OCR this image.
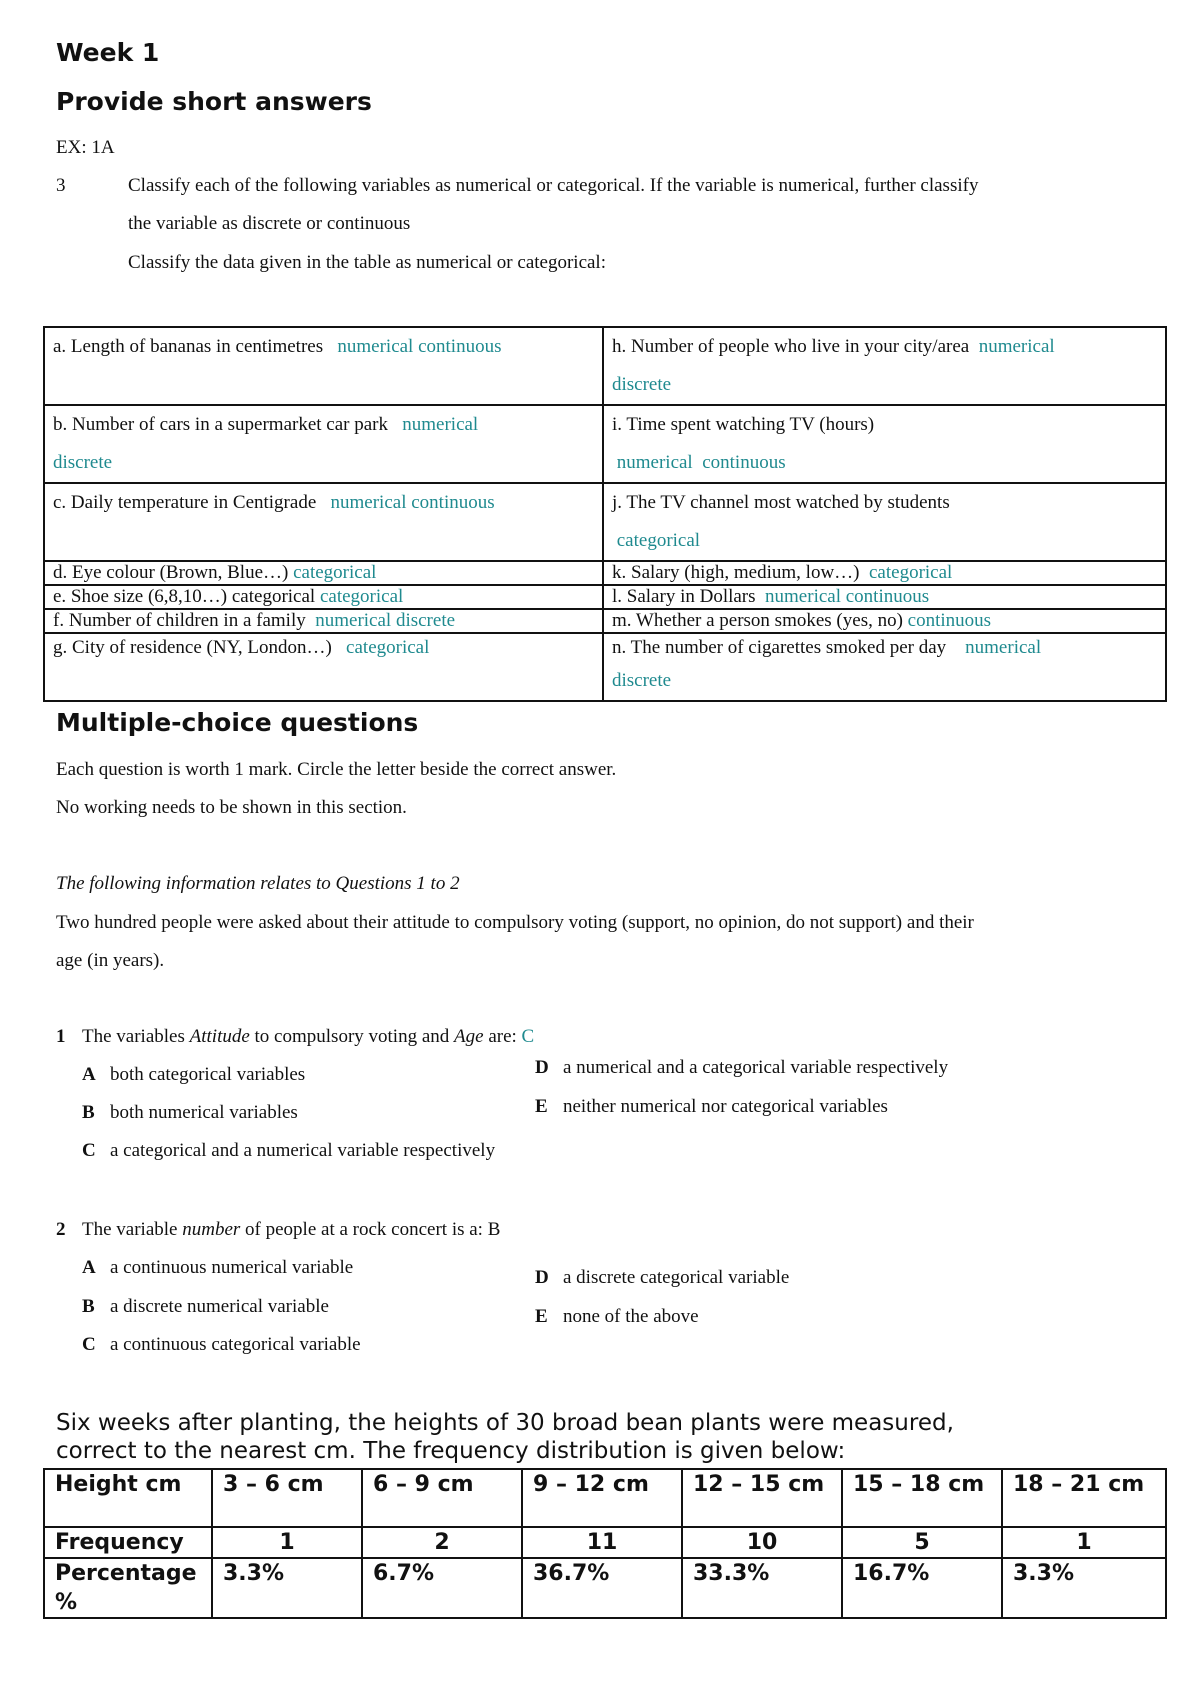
Week 1
Provide short answers
EX: 1A
3	Classify each of the following variables as numerical or categorical. If the variable is numerical, further classify
the variable as discrete or continuous
Classify the data given in the table as numerical or categorical:
a. Length of bananas in centimetres numerical continuous	h. Number of people who live in your city/area numerical
discrete
b. Number of cars in a supermarket car park numerical
discrete	i. Time spent watching TV (hours)
numerical  continuous
c. Daily temperature in Centigrade numerical continuous	j. The TV channel most watched by students
categorical
d. Eye colour (Brown, Blue…) categorical	k. Salary (high, medium, low…) categorical
e. Shoe size (6,8,10…) categorical categorical	l. Salary in Dollars numerical continuous
f. Number of children in a family numerical discrete	m. Whether a person smokes (yes, no) continuous
g. City of residence (NY, London…) categorical	n. The number of cigarettes smoked per day numerical
discrete
Multiple-choice questions
Each question is worth 1 mark. Circle the letter beside the correct answer.
No working needs to be shown in this section.
The following information relates to Questions 1 to 2
Two hundred people were asked about their attitude to compulsory voting (support, no opinion, do not support) and their
age (in years).
1 The variables Attitude to compulsory voting and Age are: C
A both categorical variables
B both numerical variables
C a categorical and a numerical variable respectively
D a numerical and a categorical variable respectively
E neither numerical nor categorical variables
2 The variable number of people at a rock concert is a: B
A a continuous numerical variable
B a discrete numerical variable
C a continuous categorical variable
D a discrete categorical variable
E none of the above
Six weeks after planting, the heights of 30 broad bean plants were measured,
correct to the nearest cm. The frequency distribution is given below:
Height cm	3 – 6 cm	6 – 9 cm	9 – 12 cm	12 – 15 cm	15 – 18 cm	18 – 21 cm
Frequency	1	2	11	10	5	1
Percentage %	3.3%	6.7%	36.7%	33.3%	16.7%	3.3%
